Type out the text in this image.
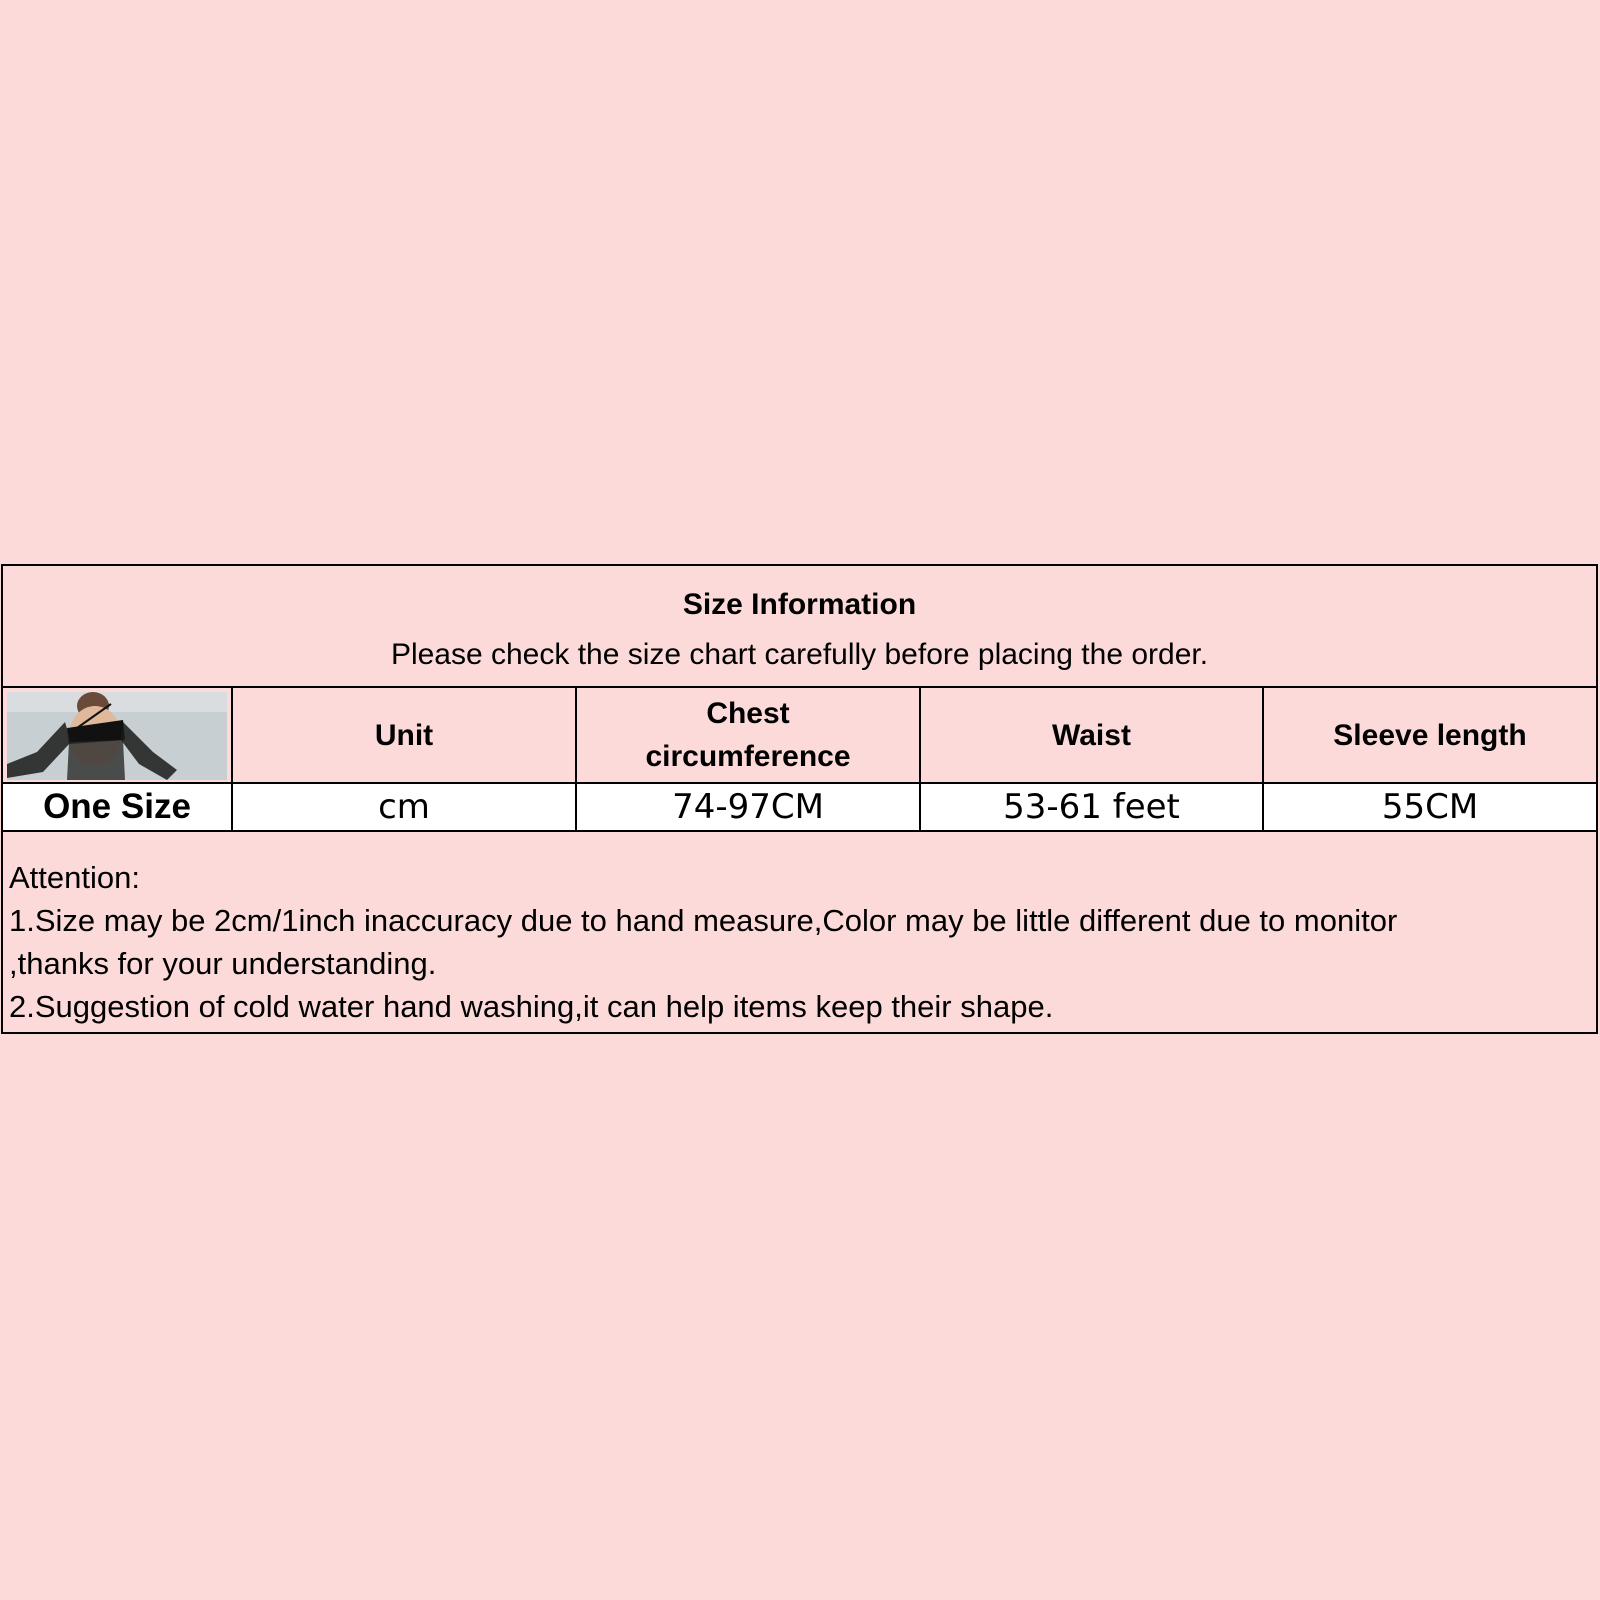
Size Information
Please check the size chart carefully before placing the order.
	Unit	Chest circumference	Waist	Sleeve length
One Size	cm	74-97CM	53-61 feet	55CM
Attention:
1.Size may be 2cm/1inch inaccuracy due to hand measure,Color may be little different due to monitor
,thanks for your understanding.
2.Suggestion of cold water hand washing,it can help items keep their shape.
